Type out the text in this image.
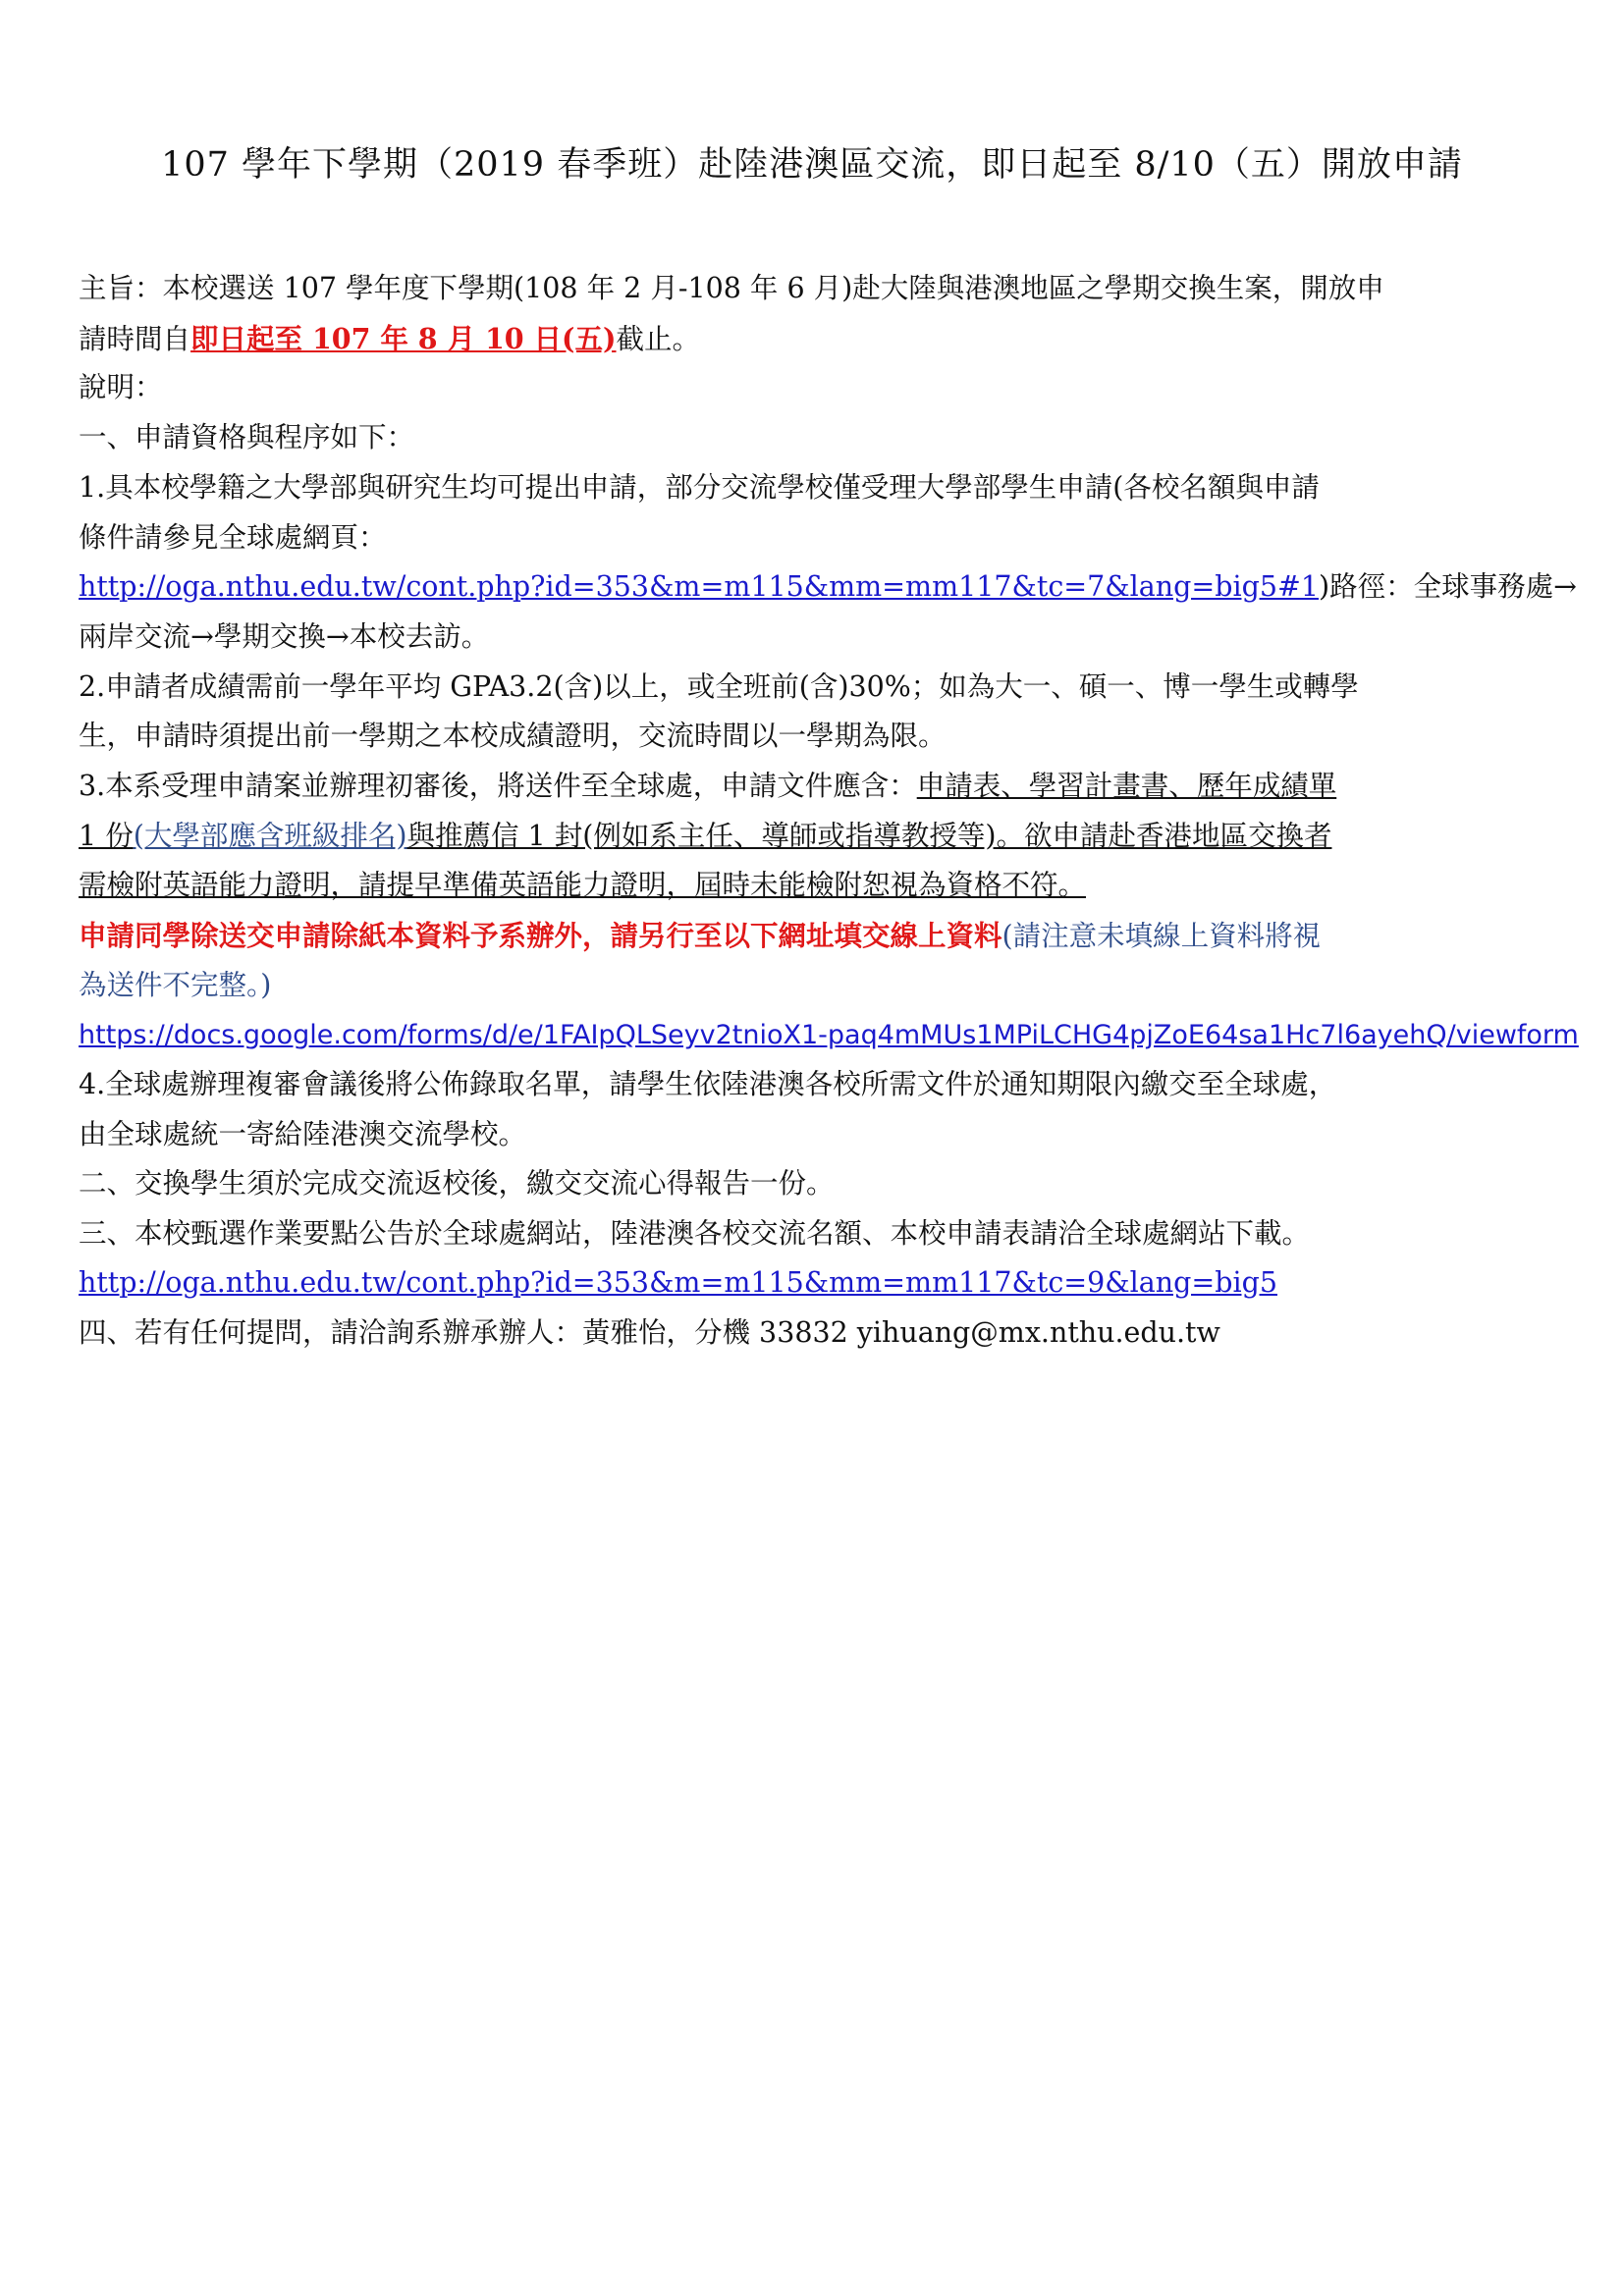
107 學年下學期（2019 春季班）赴陸港澳區交流，即日起至 8/10（五）開放申請
主旨：本校選送 107 學年度下學期(108 年 2 月-108 年 6 月)赴大陸與港澳地區之學期交換生案，開放申
請時間自即日起至 107 年 8 月 10 日(五)截止。
說明：
一、申請資格與程序如下：
1.具本校學籍之大學部與研究生均可提出申請，部分交流學校僅受理大學部學生申請(各校名額與申請
條件請參見全球處網頁：
http://oga.nthu.edu.tw/cont.php?id=353&m=m115&mm=mm117&tc=7&lang=big5#1)路徑：全球事務處→
兩岸交流→學期交換→本校去訪。
2.申請者成績需前一學年平均 GPA3.2(含)以上，或全班前(含)30%；如為大一、碩一、博一學生或轉學
生，申請時須提出前一學期之本校成績證明，交流時間以一學期為限。
3.本系受理申請案並辦理初審後，將送件至全球處，申請文件應含：申請表、學習計畫書、歷年成績單
1 份(大學部應含班級排名)與推薦信 1 封(例如系主任、導師或指導教授等)。欲申請赴香港地區交換者
需檢附英語能力證明，請提早準備英語能力證明，屆時未能檢附恕視為資格不符。
申請同學除送交申請除紙本資料予系辦外，請另行至以下網址填交線上資料(請注意未填線上資料將視
為送件不完整。)
https://docs.google.com/forms/d/e/1FAIpQLSeyv2tnioX1-paq4mMUs1MPiLCHG4pjZoE64sa1Hc7l6ayehQ/viewform
4.全球處辦理複審會議後將公佈錄取名單，請學生依陸港澳各校所需文件於通知期限內繳交至全球處，
由全球處統一寄給陸港澳交流學校。
二、交換學生須於完成交流返校後，繳交交流心得報告一份。
三、本校甄選作業要點公告於全球處網站，陸港澳各校交流名額、本校申請表請洽全球處網站下載。
http://oga.nthu.edu.tw/cont.php?id=353&m=m115&mm=mm117&tc=9&lang=big5
四、若有任何提問，請洽詢系辦承辦人：黃雅怡，分機 33832 yihuang@mx.nthu.edu.tw
